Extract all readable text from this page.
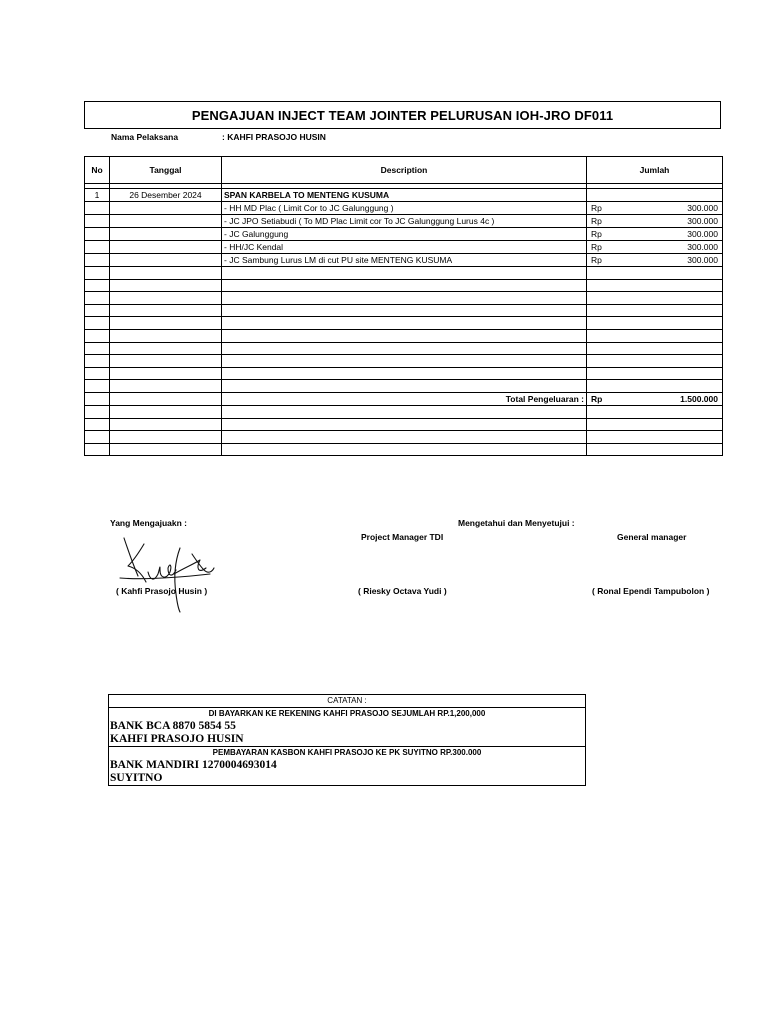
PENGAJUAN INJECT TEAM JOINTER PELURUSAN IOH-JRO DF011
Nama Pelaksana	: KAHFI PRASOJO HUSIN
No	Tanggal	Description	Jumlah

1	26 Desember 2024	SPAN KARBELA TO MENTENG KUSUMA	
		- HH MD Plac ( Limit Cor to JC Galunggung )	Rp 300.000

		- JC JPO Setiabudi ( To MD Plac Limit cor To JC Galunggung Lurus 4c )	Rp 300.000

		- JC Galunggung	Rp 300.000

		- HH/JC Kendal	Rp 300.000

		- JC Sambung Lurus LM di cut PU site MENTENG KUSUMA	Rp 300.000

		Total Pengeluaran :	Rp 1.500.000

Yang Mengajuakn :	Mengetahui dan Menyetujui :
Project Manager TDI	General manager
( Kahfi Prasojo Husin )	( Riesky Octava Yudi )	( Ronal Ependi Tampubolon )
CATATAN :
DI BAYARKAN KE REKENING KAHFI PRASOJO SEJUMLAH RP.1,200,000
BANK BCA 8870 5854 55
KAHFI PRASOJO HUSIN
PEMBAYARAN KASBON KAHFI PRASOJO KE PK SUYITNO RP.300.000
BANK MANDIRI 1270004693014
SUYITNO
